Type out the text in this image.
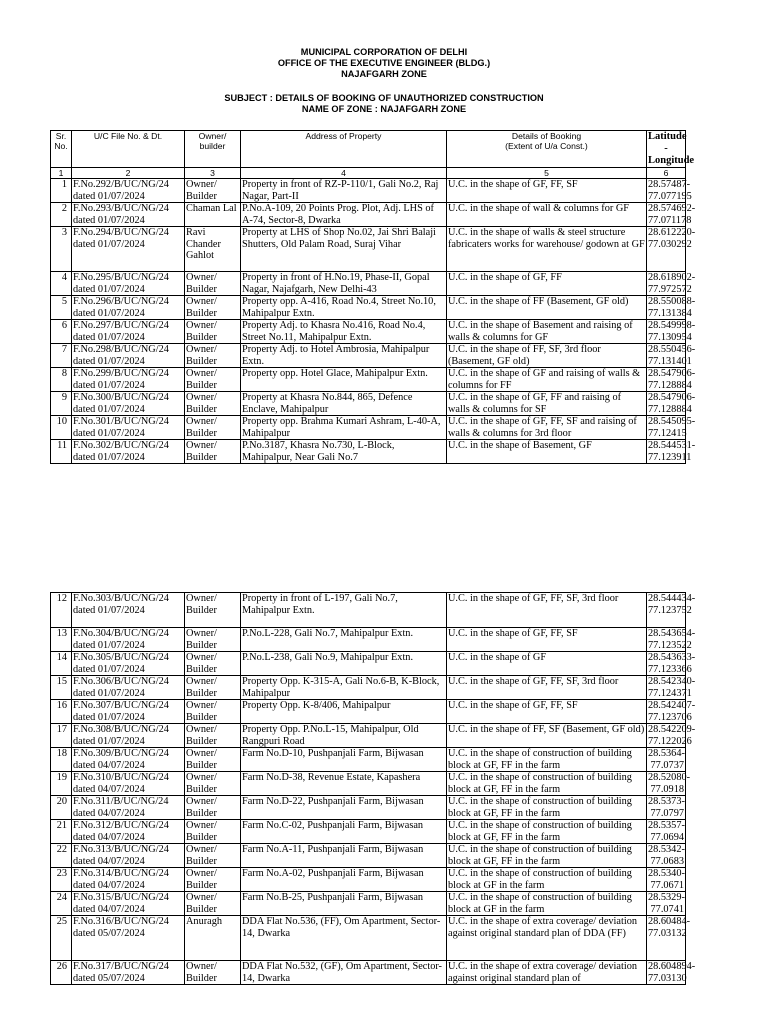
MUNICIPAL CORPORATION OF DELHI
OFFICE OF THE EXECUTIVE ENGINEER (BLDG.)
NAJAFGARH ZONE
SUBJECT : DETAILS OF BOOKING OF UNAUTHORIZED CONSTRUCTION
NAME OF ZONE : NAJAFGARH ZONE
Sr. No.	U/C File No. & Dt.	Owner/ builder	Address of Property	Details of Booking
(Extent of U/a Const.)	Latitude - Longitude
1	2	3	4	5	6
1	F.No.292/B/UC/NG/24 dated 01/07/2024	Owner/ Builder	Property in front of RZ-P-110/1, Gali No.2, Raj Nagar, Part-II	U.C. in the shape of GF, FF, SF	28.57487- 77.077195
2	F.No.293/B/UC/NG/24 dated 01/07/2024	Chaman Lal	P.No.A-109, 20 Points Prog. Plot, Adj. LHS of A-74, Sector-8, Dwarka	U.C. in the shape of wall & columns for GF	28.574692- 77.071178
3	F.No.294/B/UC/NG/24 dated 01/07/2024	Ravi Chander Gahlot	Property at LHS of Shop No.02, Jai Shri Balaji Shutters, Old Palam Road, Suraj Vihar	U.C. in the shape of walls & steel structure fabricaters works for warehouse/ godown at GF	28.612220- 77.030292
4	F.No.295/B/UC/NG/24 dated 01/07/2024	Owner/ Builder	Property in front of H.No.19, Phase-II, Gopal Nagar, Najafgarh, New Delhi-43	U.C. in the shape of GF, FF	28.618902- 77.972572
5	F.No.296/B/UC/NG/24 dated 01/07/2024	Owner/ Builder	Property opp. A-416, Road No.4, Street No.10, Mahipalpur Extn.	U.C. in the shape of FF (Basement, GF old)	28.550088- 77.131384
6	F.No.297/B/UC/NG/24 dated 01/07/2024	Owner/ Builder	Property Adj. to Khasra No.416, Road No.4, Street No.11, Mahipalpur Extn.	U.C. in the shape of Basement and raising of walls & columns for GF	28.549998- 77.130954
7	F.No.298/B/UC/NG/24 dated 01/07/2024	Owner/ Builder	Property Adj. to Hotel Ambrosia, Mahipalpur Extn.	U.C. in the shape of FF, SF, 3rd floor (Basement, GF old)	28.550456- 77.131401
8	F.No.299/B/UC/NG/24 dated 01/07/2024	Owner/ Builder	Property opp. Hotel Glace, Mahipalpur Extn.	U.C. in the shape of GF and raising of walls & columns for FF	28.547906- 77.128884
9	F.No.300/B/UC/NG/24 dated 01/07/2024	Owner/ Builder	Property at Khasra No.844, 865, Defence Enclave, Mahipalpur	U.C. in the shape of GF, FF and raising of walls & columns for SF	28.547906- 77.128884
10	F.No.301/B/UC/NG/24 dated 01/07/2024	Owner/ Builder	Property opp. Brahma Kumari Ashram, L-40-A, Mahipalpur	U.C. in the shape of GF, FF, SF and raising of walls & columns for 3rd floor	28.545095- 77.12415
11	F.No.302/B/UC/NG/24 dated 01/07/2024	Owner/ Builder	P.No.3187, Khasra No.730, L-Block, Mahipalpur, Near Gali No.7	U.C. in the shape of Basement, GF	28.544531- 77.123911
12	F.No.303/B/UC/NG/24 dated 01/07/2024	Owner/ Builder	Property in front of L-197, Gali No.7, Mahipalpur Extn.	U.C. in the shape of GF, FF, SF, 3rd floor	28.544434- 77.123752
13	F.No.304/B/UC/NG/24 dated 01/07/2024	Owner/ Builder	P.No.L-228, Gali No.7, Mahipalpur Extn.	U.C. in the shape of GF, FF, SF	28.543654- 77.123522
14	F.No.305/B/UC/NG/24 dated 01/07/2024	Owner/ Builder	P.No.L-238, Gali No.9, Mahipalpur Extn.	U.C. in the shape of GF	28.543633- 77.123366
15	F.No.306/B/UC/NG/24 dated 01/07/2024	Owner/ Builder	Property Opp. K-315-A, Gali No.6-B, K-Block, Mahipalpur	U.C. in the shape of GF, FF, SF, 3rd floor	28.542340- 77.124371
16	F.No.307/B/UC/NG/24 dated 01/07/2024	Owner/ Builder	Property Opp. K-8/406, Mahipalpur	U.C. in the shape of GF, FF, SF	28.542407- 77.123706
17	F.No.308/B/UC/NG/24 dated 01/07/2024	Owner/ Builder	Property Opp. P.No.L-15, Mahipalpur, Old Rangpuri Road	U.C. in the shape of FF, SF (Basement, GF old)	28.542209- 77.122026
18	F.No.309/B/UC/NG/24 dated 04/07/2024	Owner/ Builder	Farm No.D-10, Pushpanjali Farm, Bijwasan	U.C. in the shape of construction of building block at GF, FF in the farm	28.5364- 77.0737
19	F.No.310/B/UC/NG/24 dated 04/07/2024	Owner/ Builder	Farm No.D-38, Revenue Estate, Kapashera	U.C. in the shape of construction of building block at GF, FF in the farm	28.52080- 77.0918
20	F.No.311/B/UC/NG/24 dated 04/07/2024	Owner/ Builder	Farm No.D-22, Pushpanjali Farm, Bijwasan	U.C. in the shape of construction of building block at GF, FF in the farm	28.5373- 77.0797
21	F.No.312/B/UC/NG/24 dated 04/07/2024	Owner/ Builder	Farm No.C-02, Pushpanjali Farm, Bijwasan	U.C. in the shape of construction of building block at GF, FF in the farm	28.5357- 77.0694
22	F.No.313/B/UC/NG/24 dated 04/07/2024	Owner/ Builder	Farm No.A-11, Pushpanjali Farm, Bijwasan	U.C. in the shape of construction of building block at GF, FF in the farm	28.5342- 77.0683
23	F.No.314/B/UC/NG/24 dated 04/07/2024	Owner/ Builder	Farm No.A-02, Pushpanjali Farm, Bijwasan	U.C. in the shape of construction of building block at GF in the farm	28.5340- 77.0671
24	F.No.315/B/UC/NG/24 dated 04/07/2024	Owner/ Builder	Farm No.B-25, Pushpanjali Farm, Bijwasan	U.C. in the shape of construction of building block at GF in the farm	28.5329- 77.0741
25	F.No.316/B/UC/NG/24 dated 05/07/2024	Anuragh	DDA Flat No.536, (FF), Om Apartment, Sector-14, Dwarka	U.C. in the shape of extra coverage/ deviation against original standard plan of DDA (FF)	28.60484- 77.03132
26	F.No.317/B/UC/NG/24 dated 05/07/2024	Owner/ Builder	DDA Flat No.532, (GF), Om Apartment, Sector-14, Dwarka	U.C. in the shape of extra coverage/ deviation against original standard plan of	28.604894- 77.03130
